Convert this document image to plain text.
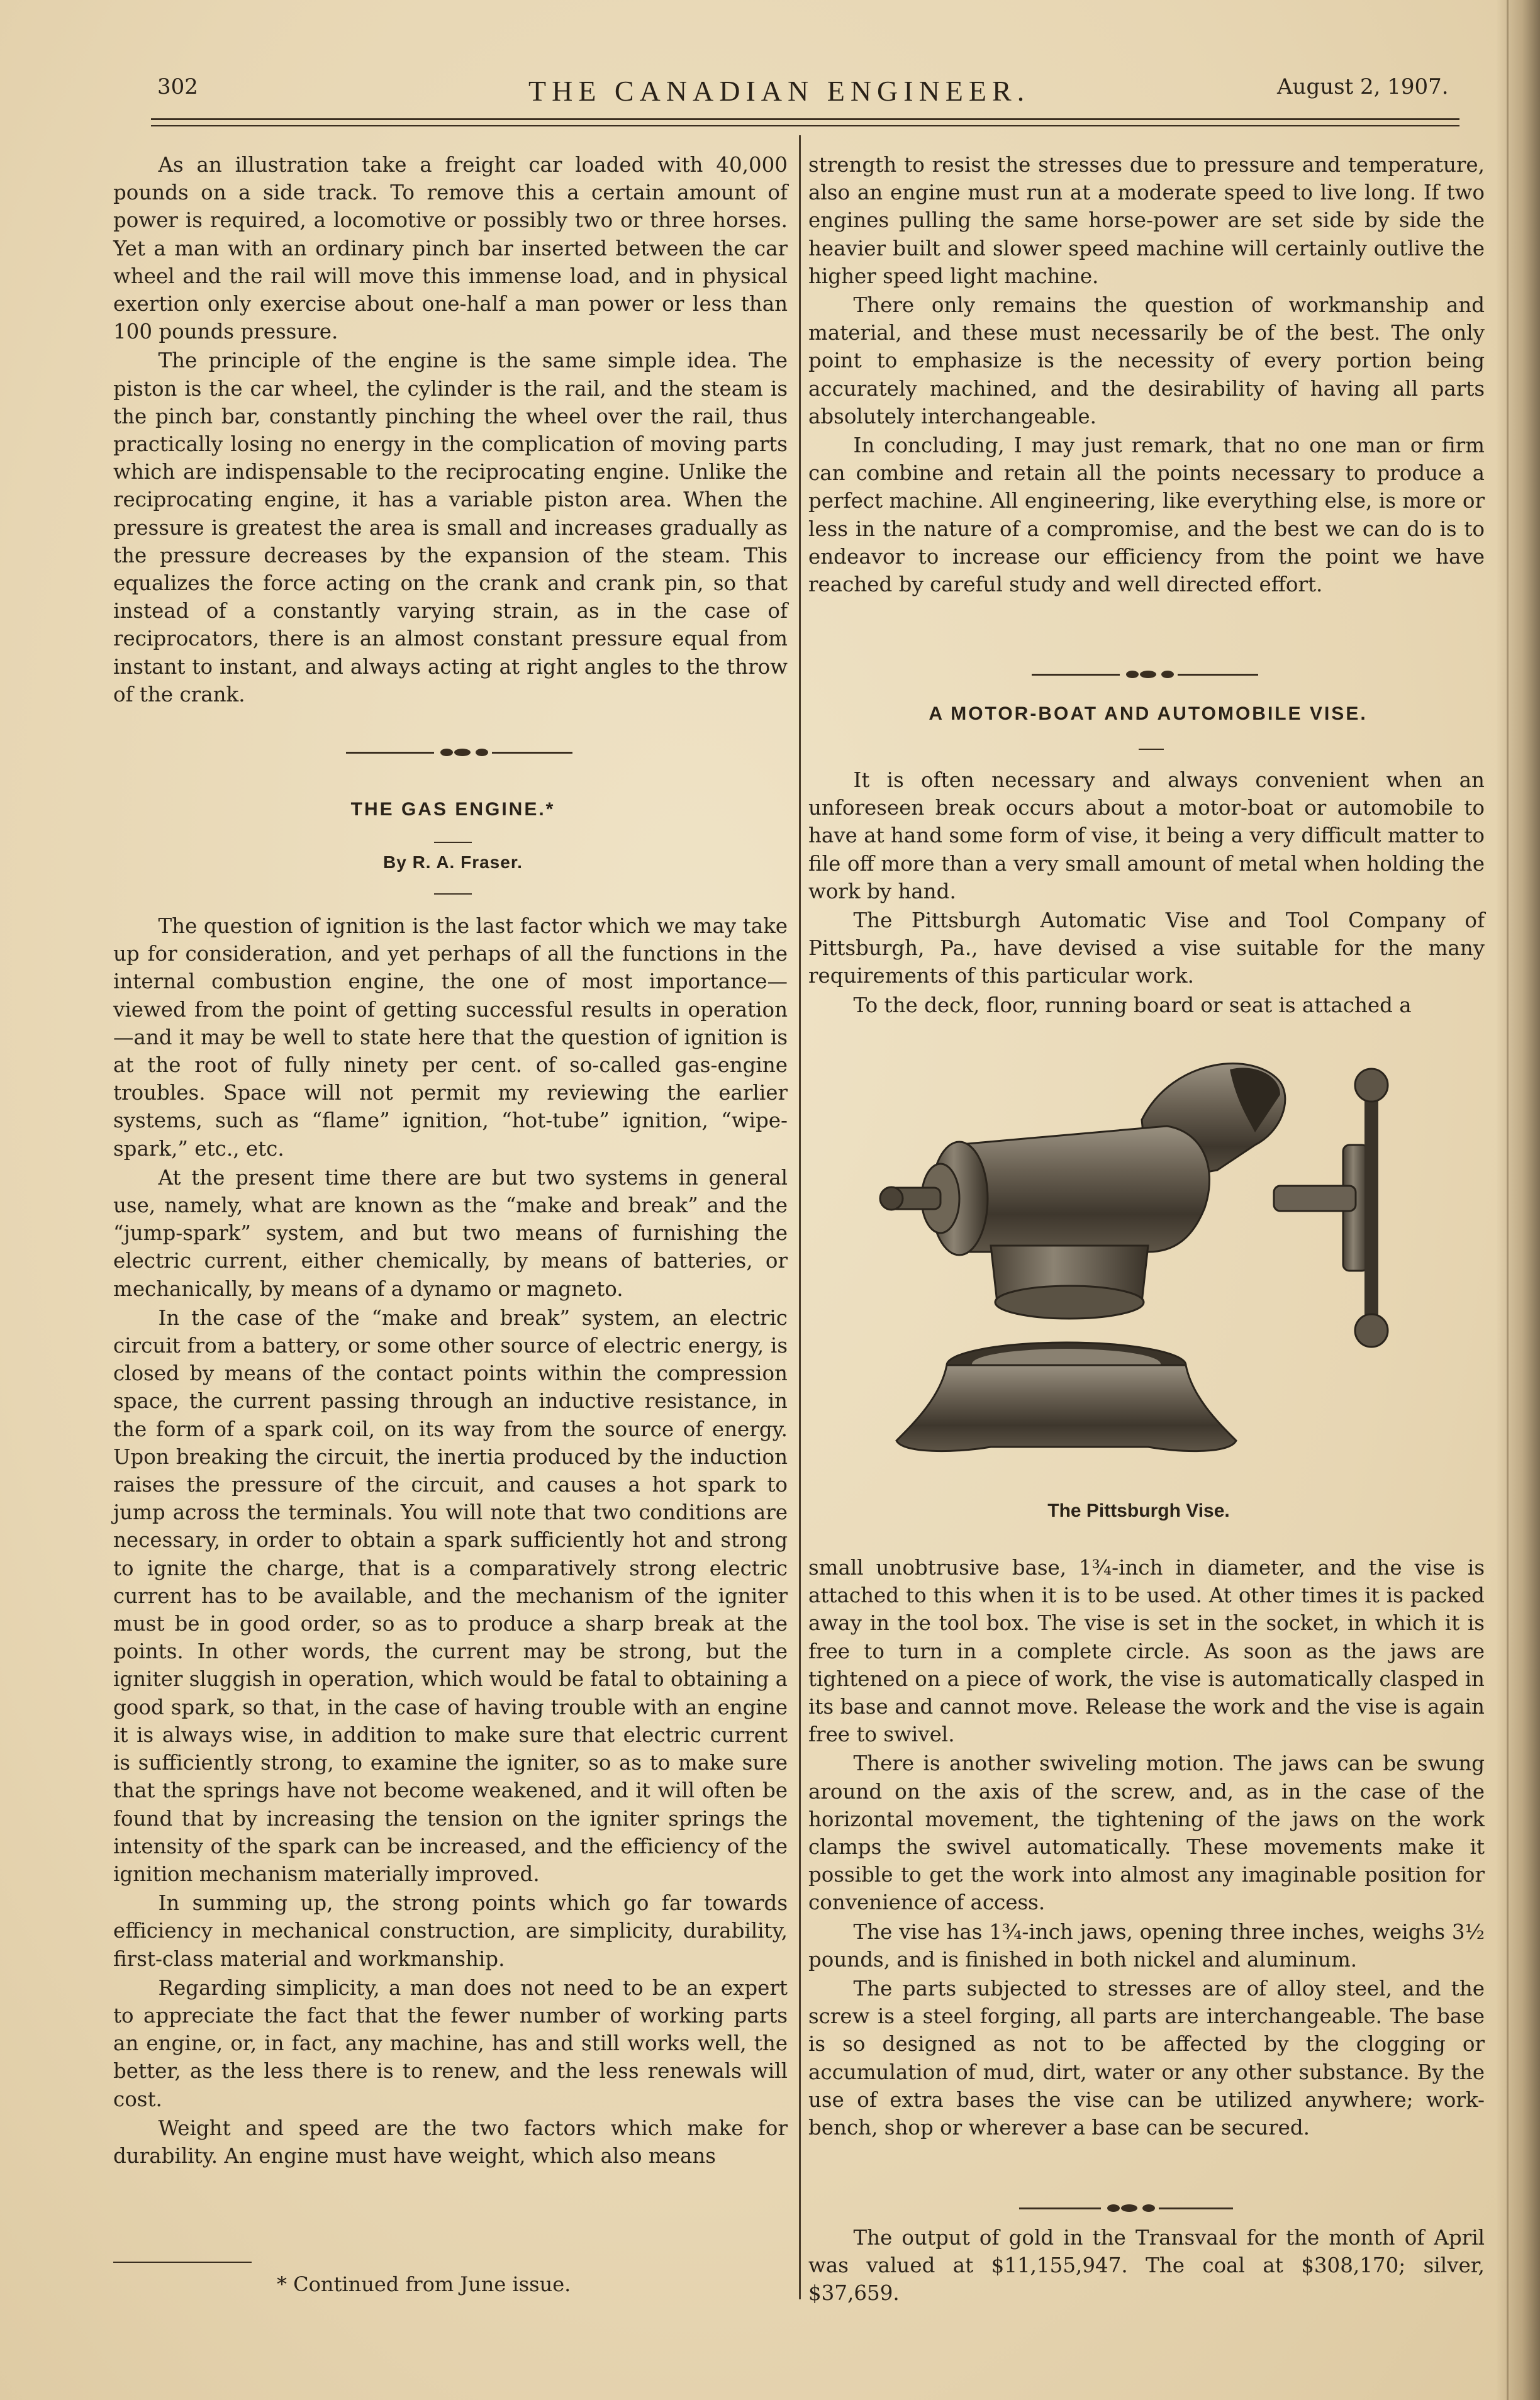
302	THE CANADIAN ENGINEER.	August 2, 1907.

As an illustration take a freight car loaded with 40,000 pounds on a side track. To remove this a certain amount of power is required, a locomotive or possibly two or three horses. Yet a man with an ordinary pinch bar inserted between the car wheel and the rail will move this immense load, and in physical exertion only exercise about one-half a man power or less than 100 pounds pressure.

The principle of the engine is the same simple idea. The piston is the car wheel, the cylinder is the rail, and the steam is the pinch bar, constantly pinching the wheel over the rail, thus practically losing no energy in the complication of moving parts which are indispensable to the reciprocating engine. Unlike the reciprocating engine, it has a variable piston area. When the pressure is greatest the area is small and increases gradually as the pressure decreases by the expansion of the steam. This equalizes the force acting on the crank and crank pin, so that instead of a constantly varying strain, as in the case of reciprocators, there is an almost constant pressure equal from instant to instant, and always acting at right angles to the throw of the crank.

THE GAS ENGINE.*
By R. A. Fraser.

The question of ignition is the last factor which we may take up for consideration, and yet perhaps of all the functions in the internal combustion engine, the one of most importance—viewed from the point of getting successful results in operation—and it may be well to state here that the question of ignition is at the root of fully ninety per cent. of so-called gas-engine troubles. Space will not permit my reviewing the earlier systems, such as “flame” ignition, “hot-tube” ignition, “wipe-spark,” etc., etc.

At the present time there are but two systems in general use, namely, what are known as the “make and break” and the “jump-spark” system, and but two means of furnishing the electric current, either chemically, by means of batteries, or mechanically, by means of a dynamo or magneto.

In the case of the “make and break” system, an electric circuit from a battery, or some other source of electric energy, is closed by means of the contact points within the compression space, the current passing through an inductive resistance, in the form of a spark coil, on its way from the source of energy. Upon breaking the circuit, the inertia produced by the induction raises the pressure of the circuit, and causes a hot spark to jump across the terminals. You will note that two conditions are necessary, in order to obtain a spark sufficiently hot and strong to ignite the charge, that is a comparatively strong electric current has to be available, and the mechanism of the igniter must be in good order, so as to produce a sharp break at the points. In other words, the current may be strong, but the igniter sluggish in operation, which would be fatal to obtaining a good spark, so that, in the case of having trouble with an engine it is always wise, in addition to make sure that electric current is sufficiently strong, to examine the igniter, so as to make sure that the springs have not become weakened, and it will often be found that by increasing the tension on the igniter springs the intensity of the spark can be increased, and the efficiency of the ignition mechanism materially improved.

In summing up, the strong points which go far towards efficiency in mechanical construction, are simplicity, durability, first-class material and workmanship.

Regarding simplicity, a man does not need to be an expert to appreciate the fact that the fewer number of working parts an engine, or, in fact, any machine, has and still works well, the better, as the less there is to renew, and the less renewals will cost.

Weight and speed are the two factors which make for durability. An engine must have weight, which also means

* Continued from June issue.

strength to resist the stresses due to pressure and temperature, also an engine must run at a moderate speed to live long. If two engines pulling the same horse-power are set side by side the heavier built and slower speed machine will certainly outlive the higher speed light machine.

There only remains the question of workmanship and material, and these must necessarily be of the best. The only point to emphasize is the necessity of every portion being accurately machined, and the desirability of having all parts absolutely interchangeable.

In concluding, I may just remark, that no one man or firm can combine and retain all the points necessary to produce a perfect machine. All engineering, like everything else, is more or less in the nature of a compromise, and the best we can do is to endeavor to increase our efficiency from the point we have reached by careful study and well directed effort.

A MOTOR-BOAT AND AUTOMOBILE VISE.

It is often necessary and always convenient when an unforeseen break occurs about a motor-boat or automobile to have at hand some form of vise, it being a very difficult matter to file off more than a very small amount of metal when holding the work by hand.

The Pittsburgh Automatic Vise and Tool Company of Pittsburgh, Pa., have devised a vise suitable for the many requirements of this particular work.

To the deck, floor, running board or seat is attached a

The Pittsburgh Vise.

small unobtrusive base, 1¾-inch in diameter, and the vise is attached to this when it is to be used. At other times it is packed away in the tool box. The vise is set in the socket, in which it is free to turn in a complete circle. As soon as the jaws are tightened on a piece of work, the vise is automatically clasped in its base and cannot move. Release the work and the vise is again free to swivel.

There is another swiveling motion. The jaws can be swung around on the axis of the screw, and, as in the case of the horizontal movement, the tightening of the jaws on the work clamps the swivel automatically. These movements make it possible to get the work into almost any imaginable position for convenience of access.

The vise has 1¾-inch jaws, opening three inches, weighs 3½ pounds, and is finished in both nickel and aluminum.

The parts subjected to stresses are of alloy steel, and the screw is a steel forging, all parts are interchangeable. The base is so designed as not to be affected by the clogging or accumulation of mud, dirt, water or any other substance. By the use of extra bases the vise can be utilized anywhere; work-bench, shop or wherever a base can be secured.

The output of gold in the Transvaal for the month of April was valued at $11,155,947. The coal at $308,170; silver, $37,659.
